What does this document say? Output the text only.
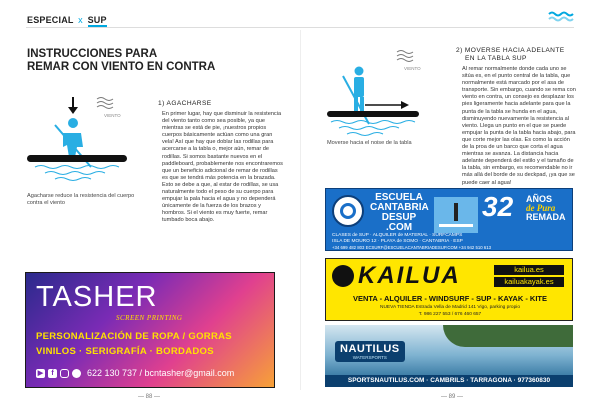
ESPECIAL x SUP
INSTRUCCIONES PARA
REMAR CON VIENTO EN CONTRA
VIENTO
Agacharse reduce la resistencia del cuerpo contra el viento
1) AGACHARSE
En primer lugar, hay que disminuir la resistencia del viento tanto como sea posible, ya que mientras se está de pie, ¡nuestros propios cuerpos básicamente actúan como una gran vela! Así que hay que doblar las rodillas para acercarse a la tabla o, mejor aún, remar de rodillas. Si somos bastante nuevos en el paddleboard, probablemente nos encontraremos que un beneficio adicional de remar de rodillas es que se tendrá más potencia en la brazada. Esto se debe a que, al estar de rodillas, se usa naturalmente todo el peso de su cuerpo para empujar la pala hacia el agua y no dependerá únicamente de la fuerza de los brazos y hombros. Si el viento es muy fuerte, remar tumbado boca abajo.
VIENTO
Moverse hacia el noise de la tabla
2) MOVERSE HACIA ADELANTE
EN LA TABLA SUP
Al remar normalmente donde cada uno se sitúa es, en el punto central de la tabla, que normalmente está marcado por el asa de transporte. Sin embargo, cuando se rema con viento en contra, un consejo es desplazar los pies ligeramente hacia adelante para que la punta de la tabla se hunda en el agua, disminuyendo nuevamente la resistencia al viento. Llega un punto en el que se puede empujar la punta de la tabla hacia abajo, para que corte mejor las olas. Es como la acción de la proa de un barco que corta el agua mientras se avanza. La distancia hacia adelante dependerá del estilo y el tamaño de la tabla, sin embargo, es recomendable no ir más allá del borde de su deckpad, ¡ya que se puede caer al agua!
TASHER
SCREEN PRINTING
PERSONALIZACIÓN DE ROPA / GORRAS
VINILOS · SERIGRAFÍA · BORDADOS
▶	f	622 130 737 / bcntasher@gmail.com
ESCUELA
CANTABRIA
DESUP
.COM
32 AÑOS
de Pura
REMADA
CLASES de SUP · ALQUILER de MATERIAL · SURFCAMPS
ISLA DE MOURO 12 · PLAYA de SOMO · CANTABRIA · ESP
+34 699 482 803 ECSURF@ESCUELACANTABRIADESUP.COM +34 942 510 613
KAILUA	kailua.es
kailuakayak.es
VENTA - ALQUILER - WINDSURF - SUP - KAYAK - KITE
NUEVA TIENDA Estrada Vella de Madrid 141 Vigo, parking propio
T. 986 227 553 / 676 460 657
NAUTILUS
WATERSPORTS
SPORTSNAUTILUS.COM · CAMBRILS · TARRAGONA · 977360830
— 88 —	— 89 —
